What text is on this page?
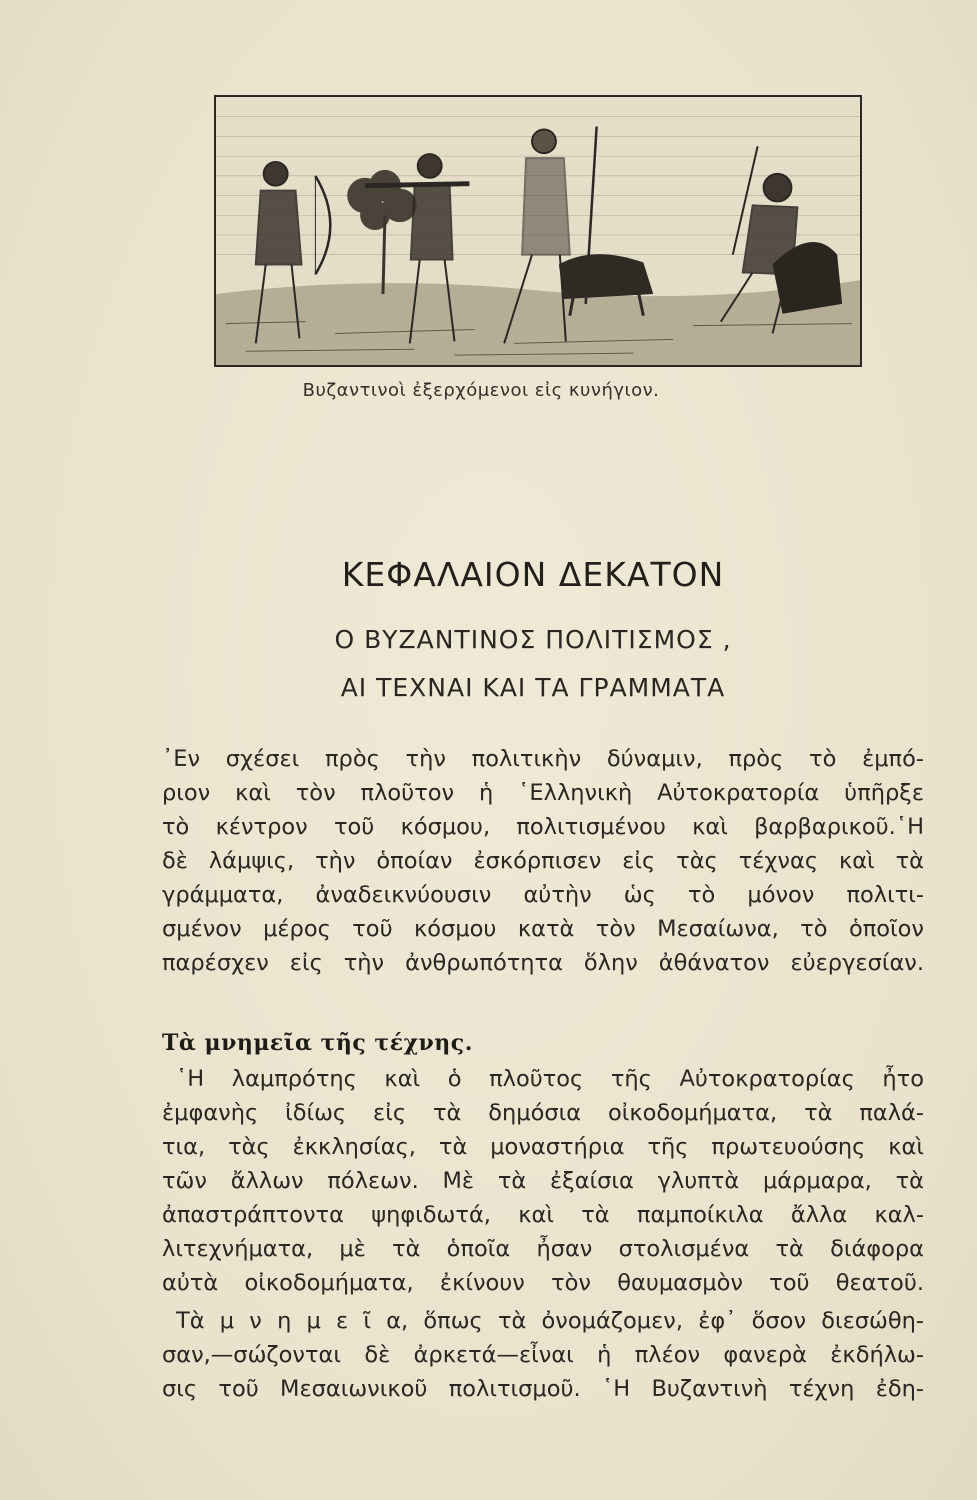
Βυζαντινοὶ ἐξερχόμενοι εἰς κυνήγιον.
ΚΕΦΑΛΑΙΟΝ ΔΕΚΑΤΟΝ
Ο ΒΥΖΑΝΤΙΝΟΣ ΠΟΛΙΤΙΣΜΟΣ ,
ΑΙ ΤΕΧΝΑΙ ΚΑΙ ΤΑ ΓΡΑΜΜΑΤΑ

᾿Εν σχέσει πρὸς τὴν πολιτικὴν δύναμιν, πρὸς τὸ ἐμπό-
ριον καὶ τὸν πλοῦτον ἡ ῾Ελληνικὴ Αὐτοκρατορία ὑπῆρξε
τὸ κέντρον τοῦ κόσμου, πολιτισμένου καὶ βαρβαρικοῦ.῾Η
δὲ λάμψις, τὴν ὁποίαν ἐσκόρπισεν εἰς τὰς τέχνας καὶ τὰ
γράμματα, ἀναδεικνύουσιν αὐτὴν ὡς τὸ μόνον πολιτι-
σμένον μέρος τοῦ κόσμου κατὰ τὸν Μεσαίωνα, τὸ ὁποῖον
παρέσχεν εἰς τὴν ἀνθρωπότητα ὅλην ἀθάνατον εὐεργεσίαν.

Τὰ μνημεῖα τῆς τέχνης.

῾Η λαμπρότης καὶ ὁ πλοῦτος τῆς Αὐτοκρατορίας ἦτο
ἐμφανὴς ἰδίως εἰς τὰ δημόσια οἰκοδομήματα, τὰ παλά-
τια, τὰς ἐκκλησίας, τὰ μοναστήρια τῆς πρωτευούσης καὶ
τῶν ἄλλων πόλεων. Μὲ τὰ ἐξαίσια γλυπτὰ μάρμαρα, τὰ
ἀπαστράπτοντα ψηφιδωτά, καὶ τὰ παμποίκιλα ἄλλα καλ-
λιτεχνήματα, μὲ τὰ ὁποῖα ἦσαν στολισμένα τὰ διάφορα
αὐτὰ οἰκοδομήματα, ἐκίνουν τὸν θαυμασμὸν τοῦ θεατοῦ.

Τὰ μ ν η μ ε ῖ α, ὅπως τὰ ὀνομάζομεν, ἐφ᾿ ὅσον διεσώθη-
σαν,—σώζονται δὲ ἀρκετά—εἶναι ἡ πλέον φανερὰ ἐκδήλω-
σις τοῦ Μεσαιωνικοῦ πολιτισμοῦ. ῾Η Βυζαντινὴ τέχνη ἐδη-
